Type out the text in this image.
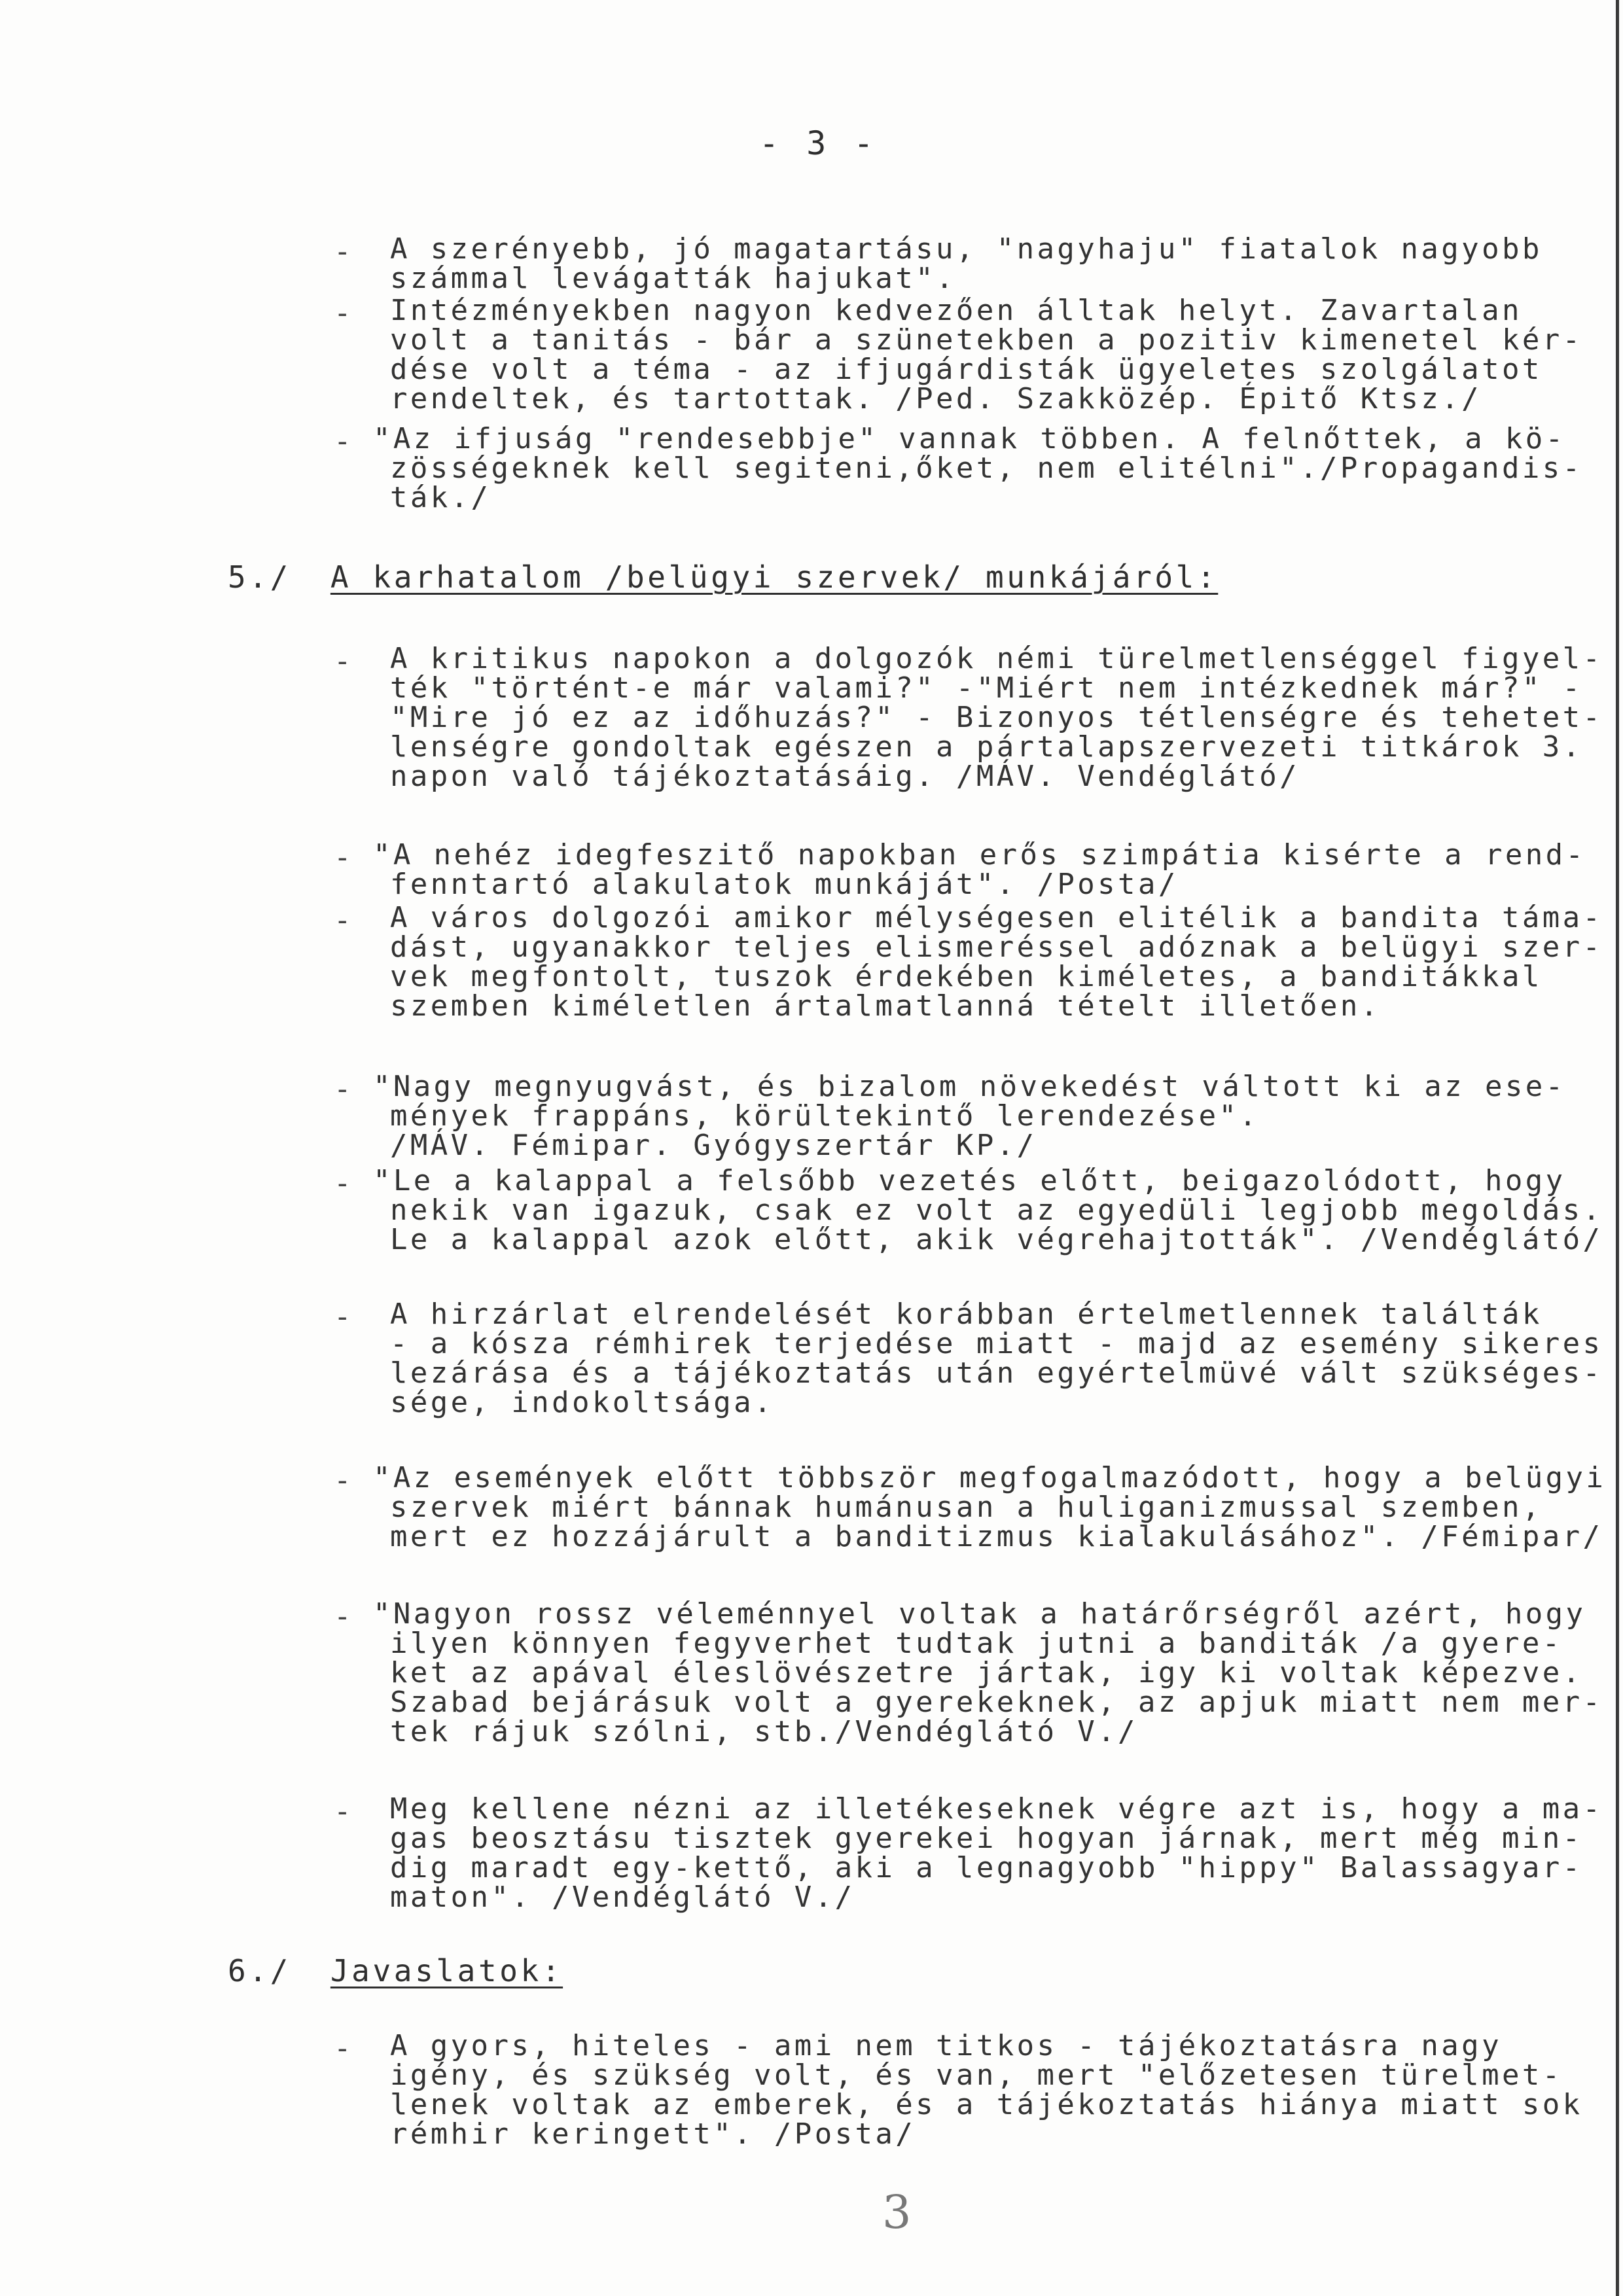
- 3 -
- A szerényebb, jó magatartásu, "nagyhaju" fiatalok nagyobb
számmal levágatták hajukat".
- Intézményekben nagyon kedvezően álltak helyt. Zavartalan
volt a tanitás - bár a szünetekben a pozitiv kimenetel kér-
dése volt a téma - az ifjugárdisták ügyeletes szolgálatot
rendeltek, és tartottak. /Ped. Szakközép. Épitő Ktsz./
- "Az ifjuság "rendesebbje" vannak többen. A felnőttek, a kö-
zösségeknek kell segiteni,őket, nem elitélni"./Propagandis-
ták./
5./ A karhatalom /belügyi szervek/ munkájáról:
- A kritikus napokon a dolgozók némi türelmetlenséggel figyel-
ték "történt-e már valami?" -"Miért nem intézkednek már?" -
"Mire jó ez az időhuzás?" - Bizonyos tétlenségre és tehetet-
lenségre gondoltak egészen a pártalapszervezeti titkárok 3.
napon való tájékoztatásáig. /MÁV. Vendéglátó/
- "A nehéz idegfeszitő napokban erős szimpátia kisérte a rend-
fenntartó alakulatok munkáját". /Posta/
- A város dolgozói amikor mélységesen elitélik a bandita táma-
dást, ugyanakkor teljes elismeréssel adóznak a belügyi szer-
vek megfontolt, tuszok érdekében kiméletes, a banditákkal
szemben kiméletlen ártalmatlanná tételt illetően.
- "Nagy megnyugvást, és bizalom növekedést váltott ki az ese-
mények frappáns, körültekintő lerendezése".
/MÁV. Fémipar. Gyógyszertár KP./
- "Le a kalappal a felsőbb vezetés előtt, beigazolódott, hogy
nekik van igazuk, csak ez volt az egyedüli legjobb megoldás.
Le a kalappal azok előtt, akik végrehajtották". /Vendéglátó/
- A hirzárlat elrendelését korábban értelmetlennek találták
- a kósza rémhirek terjedése miatt - majd az esemény sikeres
lezárása és a tájékoztatás után egyértelmüvé vált szükséges-
sége, indokoltsága.
- "Az események előtt többször megfogalmazódott, hogy a belügyi
szervek miért bánnak humánusan a huliganizmussal szemben,
mert ez hozzájárult a banditizmus kialakulásához". /Fémipar/
- "Nagyon rossz véleménnyel voltak a határőrségről azért, hogy
ilyen könnyen fegyverhet tudtak jutni a banditák /a gyere-
ket az apával éleslövészetre jártak, igy ki voltak képezve.
Szabad bejárásuk volt a gyerekeknek, az apjuk miatt nem mer-
tek rájuk szólni, stb./Vendéglátó V./
- Meg kellene nézni az illetékeseknek végre azt is, hogy a ma-
gas beosztásu tisztek gyerekei hogyan járnak, mert még min-
dig maradt egy-kettő, aki a legnagyobb "hippy" Balassagyar-
maton". /Vendéglátó V./
6./ Javaslatok:
- A gyors, hiteles - ami nem titkos - tájékoztatásra nagy
igény, és szükség volt, és van, mert "előzetesen türelmet-
lenek voltak az emberek, és a tájékoztatás hiánya miatt sok
rémhir keringett". /Posta/
3
